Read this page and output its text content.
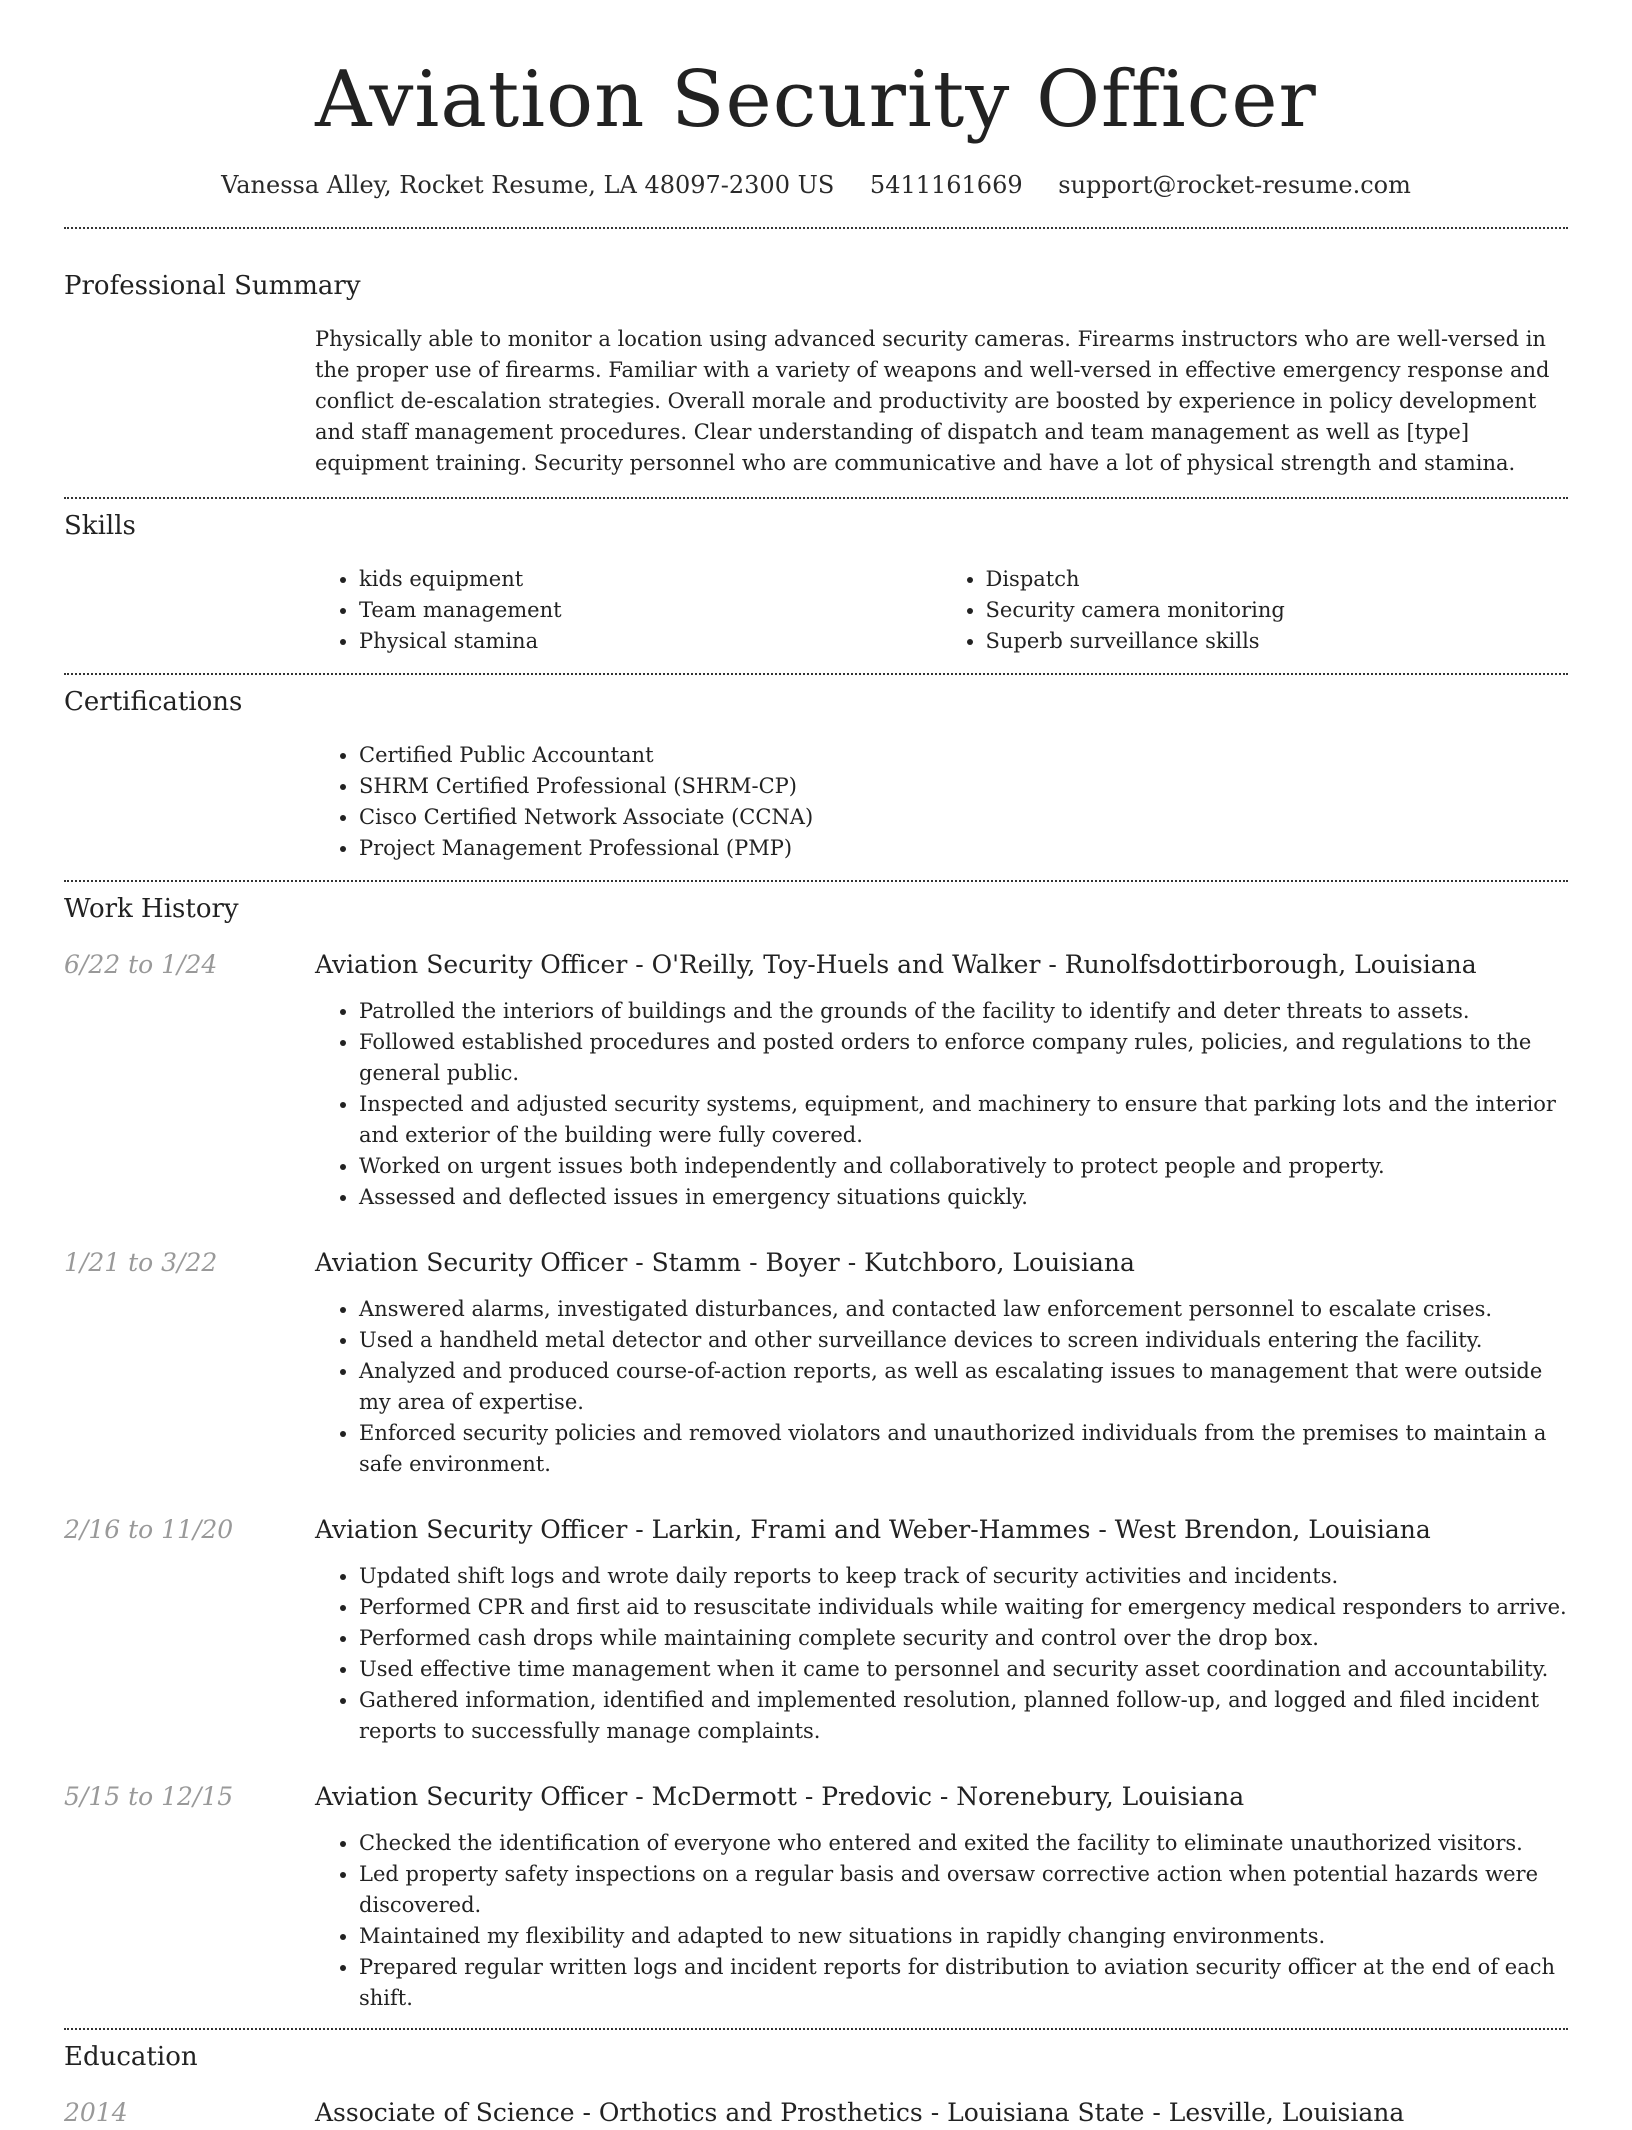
Aviation Security Officer
Vanessa Alley, Rocket Resume, LA 48097-2300 US 5411161669 support@rocket-resume.com
Professional Summary
Physically able to monitor a location using advanced security cameras. Firearms instructors who are well-versed in the proper use of firearms. Familiar with a variety of weapons and well-versed in effective emergency response and conflict de-escalation strategies. Overall morale and productivity are boosted by experience in policy development and staff management procedures. Clear understanding of dispatch and team management as well as [type] equipment training. Security personnel who are communicative and have a lot of physical strength and stamina.
Skills
• kids equipment
• Team management
• Physical stamina
• Dispatch
• Security camera monitoring
• Superb surveillance skills
Certifications
• Certified Public Accountant
• SHRM Certified Professional (SHRM-CP)
• Cisco Certified Network Associate (CCNA)
• Project Management Professional (PMP)
Work History
6/22 to 1/24	Aviation Security Officer - O'Reilly, Toy-Huels and Walker - Runolfsdottirborough, Louisiana
• Patrolled the interiors of buildings and the grounds of the facility to identify and deter threats to assets.
• Followed established procedures and posted orders to enforce company rules, policies, and regulations to the general public.
• Inspected and adjusted security systems, equipment, and machinery to ensure that parking lots and the interior and exterior of the building were fully covered.
• Worked on urgent issues both independently and collaboratively to protect people and property.
• Assessed and deflected issues in emergency situations quickly.
1/21 to 3/22	Aviation Security Officer - Stamm - Boyer - Kutchboro, Louisiana
• Answered alarms, investigated disturbances, and contacted law enforcement personnel to escalate crises.
• Used a handheld metal detector and other surveillance devices to screen individuals entering the facility.
• Analyzed and produced course-of-action reports, as well as escalating issues to management that were outside my area of expertise.
• Enforced security policies and removed violators and unauthorized individuals from the premises to maintain a safe environment.
2/16 to 11/20	Aviation Security Officer - Larkin, Frami and Weber-Hammes - West Brendon, Louisiana
• Updated shift logs and wrote daily reports to keep track of security activities and incidents.
• Performed CPR and first aid to resuscitate individuals while waiting for emergency medical responders to arrive.
• Performed cash drops while maintaining complete security and control over the drop box.
• Used effective time management when it came to personnel and security asset coordination and accountability.
• Gathered information, identified and implemented resolution, planned follow-up, and logged and filed incident reports to successfully manage complaints.
5/15 to 12/15	Aviation Security Officer - McDermott - Predovic - Norenebury, Louisiana
• Checked the identification of everyone who entered and exited the facility to eliminate unauthorized visitors.
• Led property safety inspections on a regular basis and oversaw corrective action when potential hazards were discovered.
• Maintained my flexibility and adapted to new situations in rapidly changing environments.
• Prepared regular written logs and incident reports for distribution to aviation security officer at the end of each shift.
Education
2014	Associate of Science - Orthotics and Prosthetics - Louisiana State - Lesville, Louisiana
